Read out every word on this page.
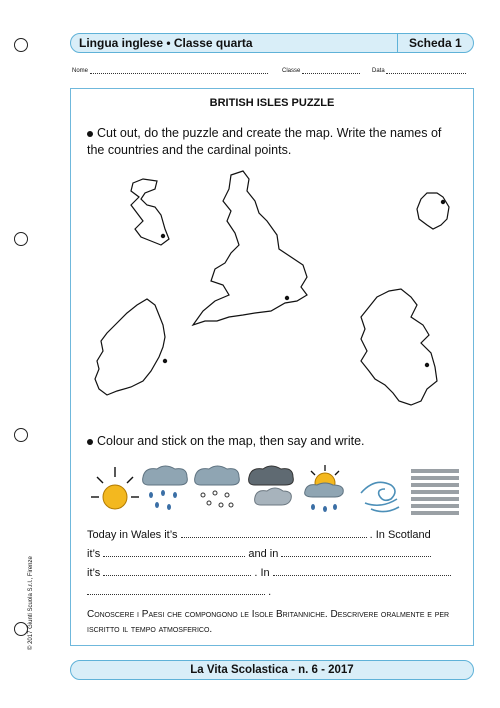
Lingua inglese • Classe quarta	Scheda 1
Nome	Classe	Data
BRITISH ISLES PUZZLE
Cut out, do the puzzle and create the map. Write the names of the countries and the cardinal points.
Colour and stick on the map, then say and write.
Today in Wales it’s	. In Scotland
it’s	and in
it’s	. In
.
Conoscere i Paesi che compongono le Isole Britanniche. Descrivere oralmente e per iscritto il tempo atmosferico.
© 2017 Giunti Scuola S.r.l., Firenze
La Vita Scolastica - n. 6 - 2017
